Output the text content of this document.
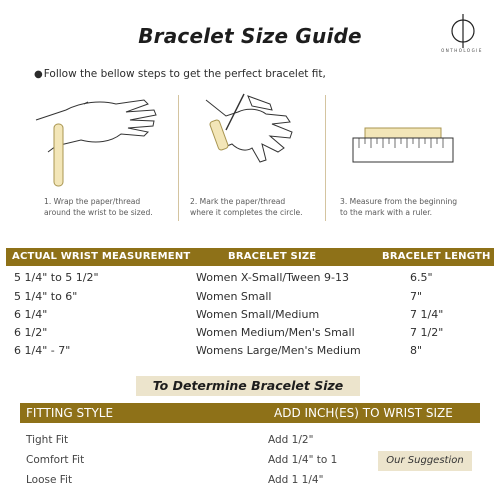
Bracelet Size Guide
ONTHOLOGIE
●Follow the bellow steps to get the perfect bracelet fit,
1. Wrap the paper/thread
around the wrist to be sized.
2. Mark the paper/thread
where it completes the circle.
3. Measure from the beginning
to the mark with a ruler.
ACTUAL WRIST MEASUREMENT	BRACELET SIZE	BRACELET LENGTH
5 1/4" to 5 1/2"	Women X-Small/Tween 9-13	6.5"
5 1/4" to 6"	Women Small	7"
6 1/4"	Women Small/Medium	7 1/4"
6 1/2"	Women Medium/Men's Small	7 1/2"
6 1/4" - 7"	Womens Large/Men's Medium	8"
To Determine Bracelet Size
FITTING STYLE	ADD INCH(ES) TO WRIST SIZE
Tight Fit	Add 1/2"
Comfort Fit	Add 1/4" to 1
Loose Fit	Add 1 1/4"
Our Suggestion
